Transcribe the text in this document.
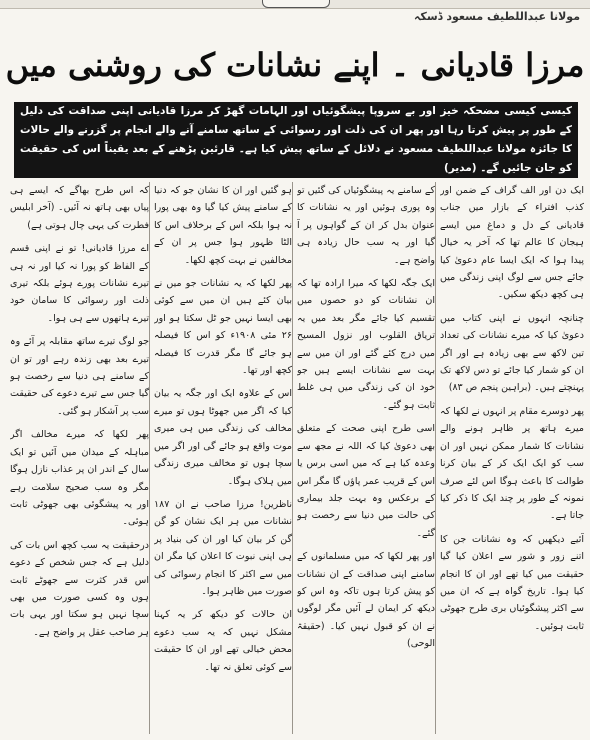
مولانا عبداللطیف مسعود ڈسکہ
مرزا قادیانی ۔ اپنے نشانات کی روشنی میں
کیسی کیسی مضحکہ خیز اور بے سروپا پیشگوئیاں اور الہامات گھڑ کر مرزا قادیانی اپنی صداقت کی دلیل کے طور پر پیش کرتا رہا اور پھر ان کی ذلت اور رسوائی کے ساتھ سامنے آنے والے انجام پر گزرنے والے حالات کا جائزہ مولانا عبداللطیف مسعود نے دلائل کے ساتھ پیش کیا ہے۔ قارئین پڑھنے کے بعد یقیناً اس کی حقیقت کو جان جائیں گے۔ (مدیر)

ایک دن اور الف گراف کے ضمن اور کذب افتراء کے بازار میں جناب قادیانی کے دل و دماغ میں ایسے ہیجان کا عالم تھا کہ آخر یہ خیال پیدا ہوا کہ ایک ایسا عام دعویٰ کیا جائے جس سے لوگ اپنی زندگی میں ہی کچھ دیکھ سکیں۔

چنانچہ انہوں نے اپنی کتاب میں دعویٰ کیا کہ میرے نشانات کی تعداد تین لاکھ سے بھی زیادہ ہے اور اگر ان کو شمار کیا جائے تو دس لاکھ تک پہنچتے ہیں۔ (براہین پنجم ص ۸۳)

پھر دوسرے مقام پر انہوں نے لکھا کہ میرے ہاتھ پر ظاہر ہونے والے نشانات کا شمار ممکن نہیں اور ان سب کو ایک ایک کر کے بیان کرنا طوالت کا باعث ہوگا اس لئے صرف نمونہ کے طور پر چند ایک کا ذکر کیا جاتا ہے۔

آئیے دیکھیں کہ وہ نشانات جن کا اتنے زور و شور سے اعلان کیا گیا حقیقت میں کیا تھے اور ان کا انجام کیا ہوا۔ تاریخ گواہ ہے کہ ان میں سے اکثر پیشگوئیاں بری طرح جھوٹی ثابت ہوئیں۔

کے سامنے یہ پیشگوئیاں کی گئیں تو وہ پوری ہوئیں اور یہ نشانات کا عنوان بدل کر ان کے گواہوں پر آ گیا اور یہ سب حال زیادہ ہی واضح ہے۔

ایک جگہ لکھا کہ میرا ارادہ تھا کہ ان نشانات کو دو حصوں میں تقسیم کیا جائے مگر بعد میں یہ تریاق القلوب اور نزول المسیح میں درج کئے گئے اور ان میں سے بہت سے نشانات ایسے ہیں جو خود ان کی زندگی میں ہی غلط ثابت ہو گئے۔

اسی طرح اپنی صحت کے متعلق بھی دعویٰ کیا کہ اللہ نے مجھ سے وعدہ کیا ہے کہ میں اسی برس یا اس کے قریب عمر پاؤں گا مگر اس کے برعکس وہ بہت جلد بیماری کی حالت میں دنیا سے رخصت ہو گئے۔

اور پھر لکھا کہ میں مسلمانوں کے سامنے اپنی صداقت کے ان نشانات کو پیش کرتا ہوں تاکہ وہ اس کو دیکھ کر ایمان لے آئیں مگر لوگوں نے ان کو قبول نہیں کیا۔ (حقیقۃ الوحی)

ہو گئیں اور ان کا نشان جو کہ دنیا کے سامنے پیش کیا گیا وہ بھی پورا نہ ہوا بلکہ اس کے برخلاف اس کا الٹا ظہور ہوا جس پر ان کے مخالفین نے بہت کچھ لکھا۔

پھر لکھا کہ یہ نشانات جو میں نے بیان کئے ہیں ان میں سے کوئی بھی ایسا نہیں جو ٹل سکتا ہو اور ۲۶ مئی ۱۹۰۸ء کو اس کا فیصلہ ہو جائے گا مگر قدرت کا فیصلہ کچھ اور تھا۔

اس کے علاوہ ایک اور جگہ یہ بیان کیا کہ اگر میں جھوٹا ہوں تو میرے مخالف کی زندگی میں ہی میری موت واقع ہو جائے گی اور اگر میں سچا ہوں تو مخالف میری زندگی میں ہلاک ہوگا۔

ناظرین! مرزا صاحب نے ان ۱۸۷ نشانات میں ہر ایک نشان کو گن گن کر بیان کیا اور ان کی بنیاد پر ہی اپنی نبوت کا اعلان کیا مگر ان میں سے اکثر کا انجام رسوائی کی صورت میں ظاہر ہوا۔

ان حالات کو دیکھ کر یہ کہنا مشکل نہیں کہ یہ سب دعوے محض خیالی تھے اور ان کا حقیقت سے کوئی تعلق نہ تھا۔

کہ اس طرح بھاگے کہ ایسے ہی پیاں بھی ہاتھ نہ آئیں۔ (آخر ابلیس فطرت کی یہی چال ہوتی ہے)

اے مرزا قادیانی! تو نے اپنی قسم کے الفاظ کو پورا نہ کیا اور نہ ہی تیرے نشانات پورے ہوئے بلکہ تیری ذلت اور رسوائی کا سامان خود تیرے ہاتھوں سے ہی ہوا۔

جو لوگ تیرے ساتھ مقابلہ پر آئے وہ تیرے بعد بھی زندہ رہے اور تو ان کے سامنے ہی دنیا سے رخصت ہو گیا جس سے تیرے دعوے کی حقیقت سب پر آشکار ہو گئی۔

پھر لکھا کہ میرے مخالف اگر مباہلہ کے میدان میں آئیں تو ایک سال کے اندر ان پر عذاب نازل ہوگا مگر وہ سب صحیح سلامت رہے اور یہ پیشگوئی بھی جھوٹی ثابت ہوئی۔

درحقیقت یہ سب کچھ اس بات کی دلیل ہے کہ جس شخص کے دعوے اس قدر کثرت سے جھوٹے ثابت ہوں وہ کسی صورت میں بھی سچا نہیں ہو سکتا اور یہی بات ہر صاحب عقل پر واضح ہے۔
